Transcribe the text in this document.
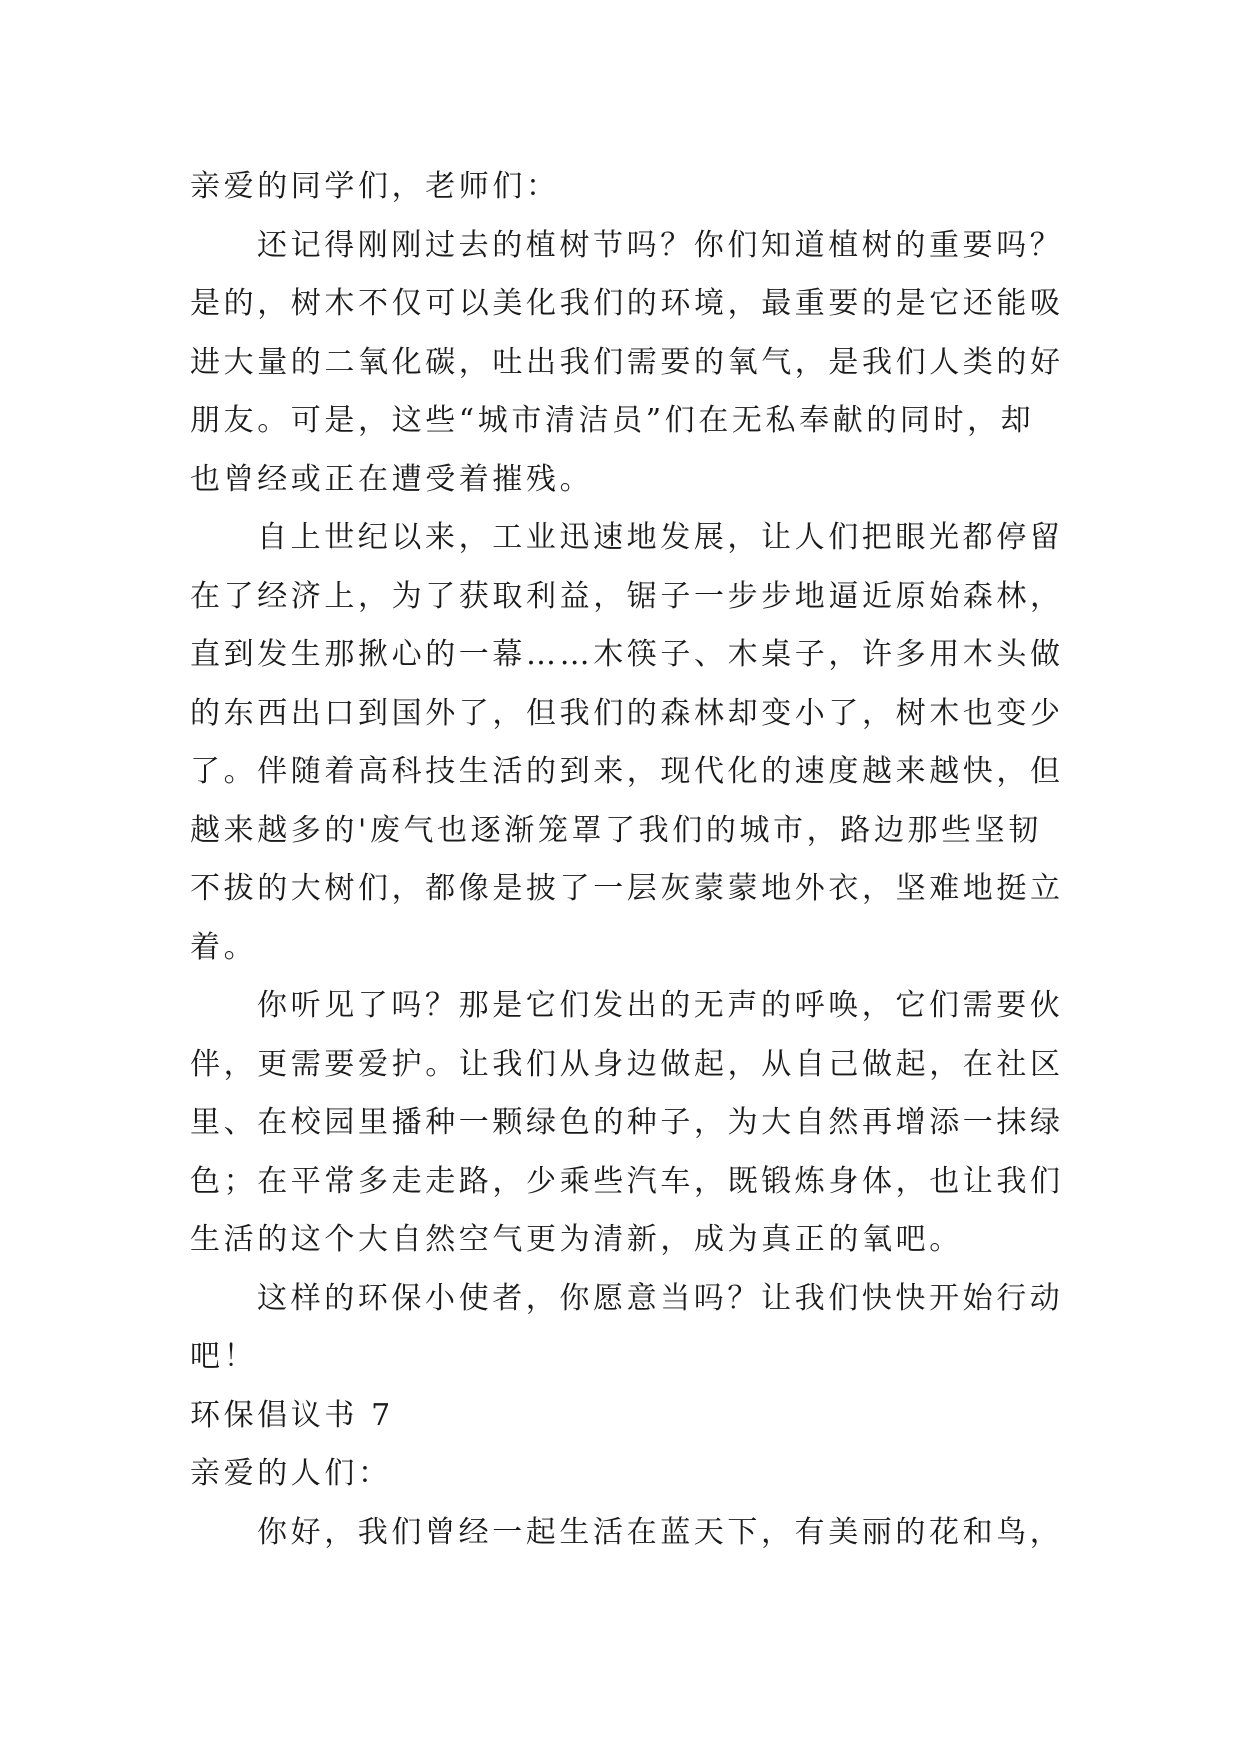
亲爱的同学们，老师们：
还记得刚刚过去的植树节吗？你们知道植树的重要吗？
是的，树木不仅可以美化我们的环境，最重要的是它还能吸
进大量的二氧化碳，吐出我们需要的氧气，是我们人类的好
朋友。可是，这些“城市清洁员”们在无私奉献的同时，却
也曾经或正在遭受着摧残。
自上世纪以来，工业迅速地发展，让人们把眼光都停留
在了经济上，为了获取利益，锯子一步步地逼近原始森林，
直到发生那揪心的一幕……木筷子、木桌子，许多用木头做
的东西出口到国外了，但我们的森林却变小了，树木也变少
了。伴随着高科技生活的到来，现代化的速度越来越快，但
越来越多的'废气也逐渐笼罩了我们的城市，路边那些坚韧
不拔的大树们，都像是披了一层灰蒙蒙地外衣，坚难地挺立
着。
你听见了吗？那是它们发出的无声的呼唤，它们需要伙
伴，更需要爱护。让我们从身边做起，从自己做起，在社区
里、在校园里播种一颗绿色的种子，为大自然再增添一抹绿
色；在平常多走走路，少乘些汽车，既锻炼身体，也让我们
生活的这个大自然空气更为清新，成为真正的氧吧。
这样的环保小使者，你愿意当吗？让我们快快开始行动
吧！
环保倡议书 7
亲爱的人们：
你好，我们曾经一起生活在蓝天下，有美丽的花和鸟，
